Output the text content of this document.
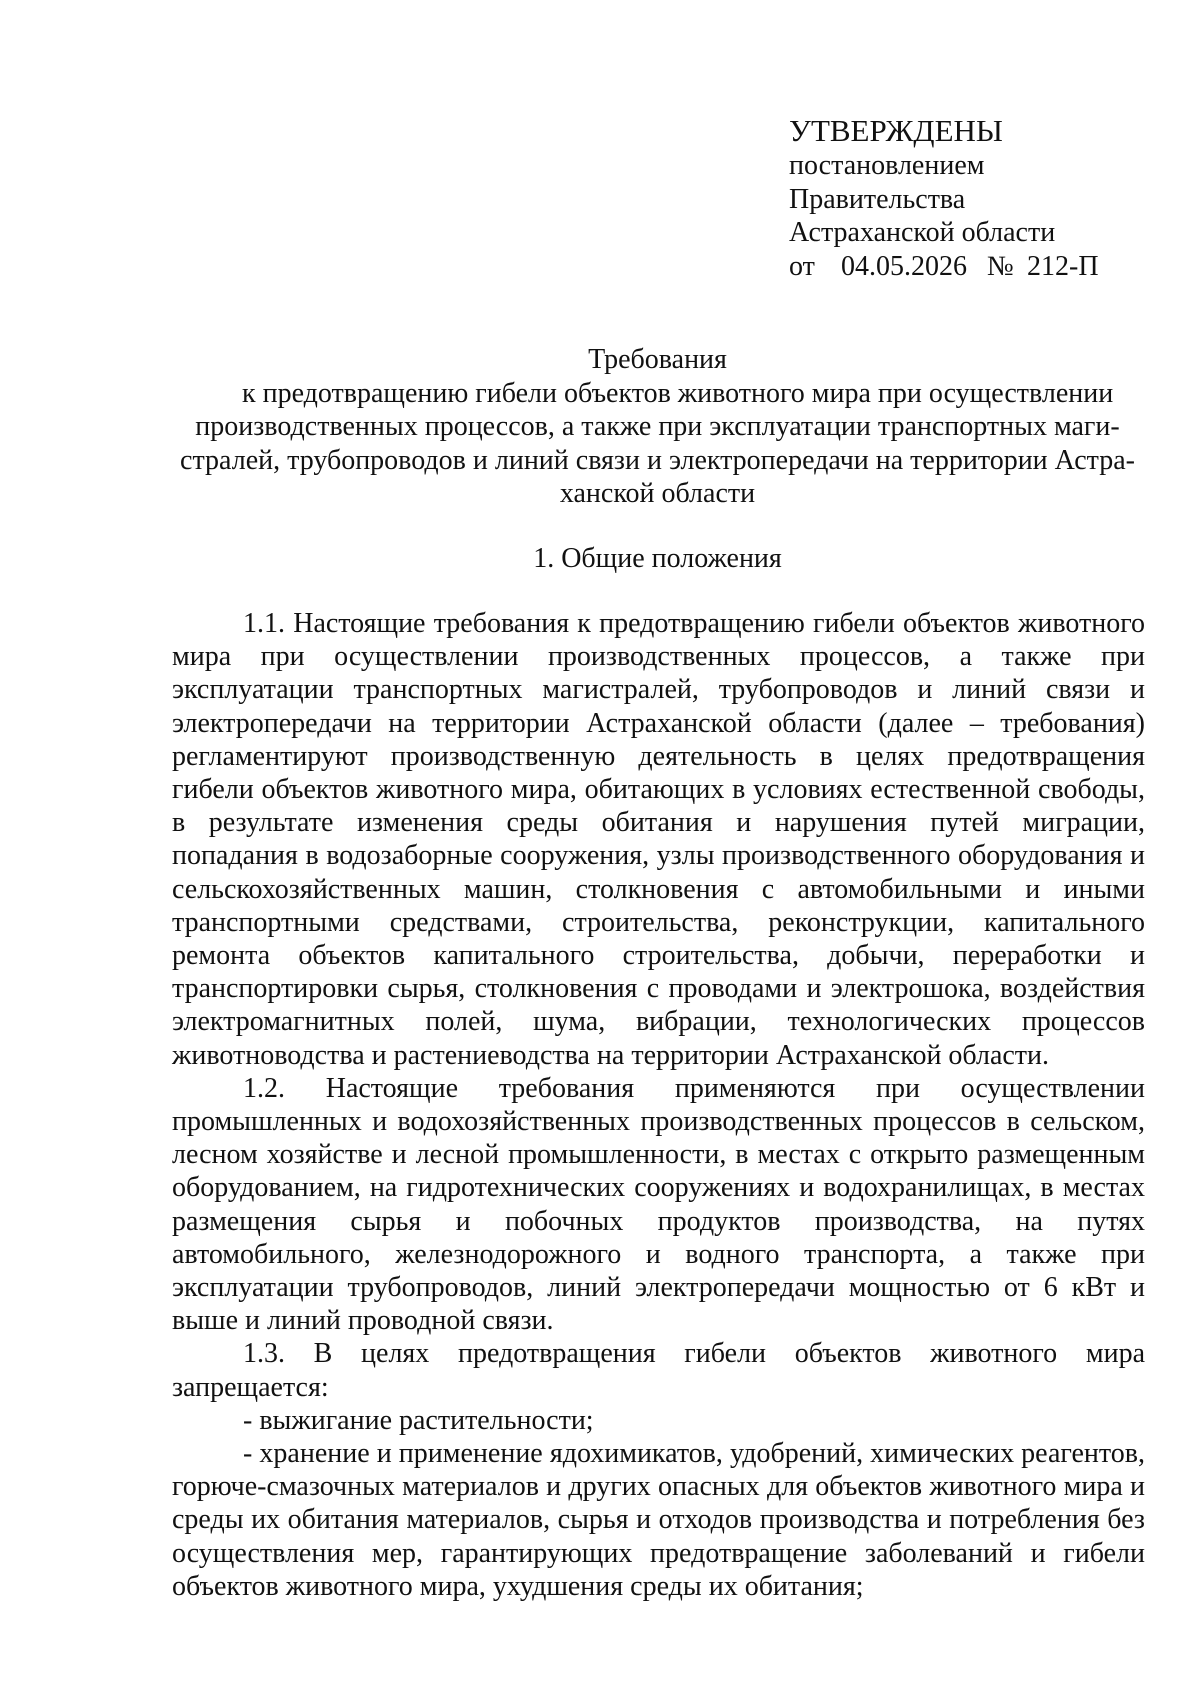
УТВЕРЖДЕНЫ
постановлением
Правительства
Астраханской области
от 04.05.2026 № 212-П
Требования
к предотвращению гибели объектов животного мира при осуществлении
производственных процессов, а также при эксплуатации транспортных маги-
стралей, трубопроводов и линий связи и электропередачи на территории Астра-
ханской области
1. Общие положения

1.1. Настоящие требования к предотвращению гибели объектов животного мира при осуществлении производственных процессов, а также при эксплуатации транспортных магистралей, трубопроводов и линий связи и электропередачи на территории Астраханской области (далее – требования) регламентируют производственную деятельность в целях предотвращения гибели объектов животного мира, обитающих в условиях естественной свободы, в результате изменения среды обитания и нарушения путей миграции, попадания в водозаборные сооружения, узлы производственного оборудования и сельскохозяйственных машин, столкновения с автомобильными и иными транспортными средствами, строительства, реконструкции, капитального ремонта объектов капитального строительства, добычи, переработки и транспортировки сырья, столкновения с проводами и электрошока, воздействия электромагнитных полей, шума, вибрации, технологических процессов животноводства и растениеводства на территории Астраханской области.

1.2. Настоящие требования применяются при осуществлении промышленных и водохозяйственных производственных процессов в сельском, лесном хозяйстве и лесной промышленности, в местах с открыто размещенным оборудованием, на гидротехнических сооружениях и водохранилищах, в местах размещения сырья и побочных продуктов производства, на путях автомобильного, железнодорожного и водного транспорта, а также при эксплуатации трубопроводов, линий электропередачи мощностью от 6 кВт и выше и линий проводной связи.

1.3. В целях предотвращения гибели объектов животного мира запрещается:

- выжигание растительности;

- хранение и применение ядохимикатов, удобрений, химических реагентов, горюче-смазочных материалов и других опасных для объектов животного мира и среды их обитания материалов, сырья и отходов производства и потребления без осуществления мер, гарантирующих предотвращение заболеваний и гибели объектов животного мира, ухудшения среды их обитания;
